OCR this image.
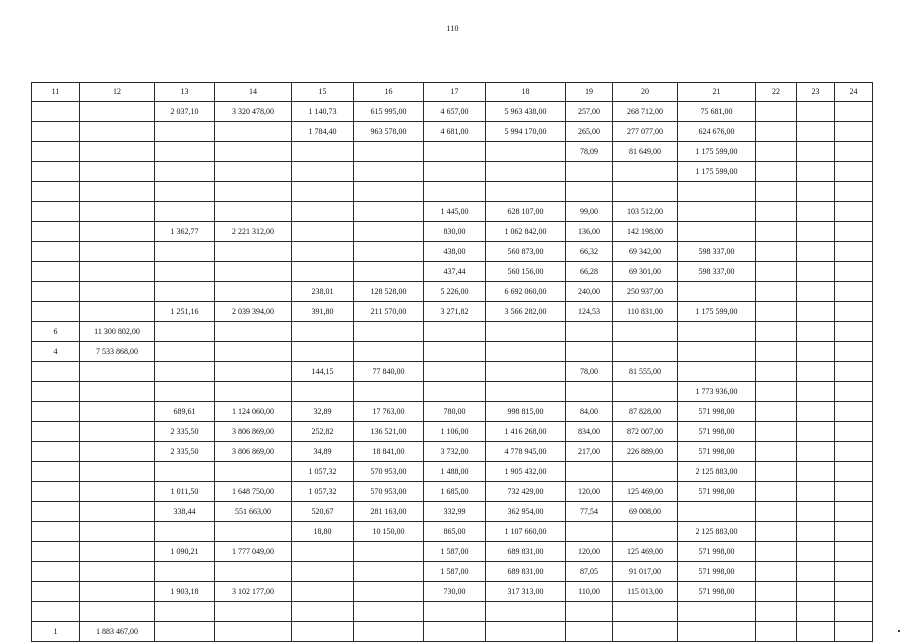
110
11	12	13	14	15	16	17	18	19	20	21	22	23	24
		2 037,10	3 320 478,00	1 140,73	615 995,00	4 657,00	5 963 438,00	257,00	268 712,00	75 681,00			
				1 784,40	963 578,00	4 681,00	5 994 170,00	265,00	277 077,00	624 676,00			
								78,09	81 649,00	1 175 599,00			
										1 175 599,00			

						1 445,00	628 107,00	99,00	103 512,00				
		1 362,77	2 221 312,00			830,00	1 062 842,00	136,00	142 198,00				
						438,00	560 873,00	66,32	69 342,00	598 337,00			
						437,44	560 156,00	66,28	69 301,00	598 337,00			
				238,01	128 528,00	5 226,00	6 692 060,00	240,00	250 937,00				
		1 251,16	2 039 394,00	391,80	211 570,00	3 271,82	3 566 282,00	124,53	110 831,00	1 175 599,00			
6	11 300 802,00												
4	7 533 868,00												
				144,15	77 840,00			78,00	81 555,00				
										1 773 936,00			
		689,61	1 124 060,00	32,89	17 763,00	780,00	998 815,00	84,00	87 828,00	571 998,00			
		2 335,50	3 806 869,00	252,82	136 521,00	1 106,00	1 416 268,00	834,00	872 007,00	571 998,00			
		2 335,50	3 806 869,00	34,89	18 841,00	3 732,00	4 778 945,00	217,00	226 889,00	571 998,00			
				1 057,32	570 953,00	1 488,00	1 905 432,00			2 125 883,00			
		1 011,50	1 648 750,00	1 057,32	570 953,00	1 685,00	732 429,00	120,00	125 469,00	571 998,00			
		338,44	551 663,00	520,67	281 163,00	332,99	362 954,00	77,54	69 008,00				
				18,80	10 150,00	865,00	1 107 660,00			2 125 883,00			
		1 090,21	1 777 049,00			1 587,00	689 831,00	120,00	125 469,00	571 998,00			
						1 587,00	689 831,00	87,05	91 017,00	571 998,00			
		1 903,18	3 102 177,00			730,00	317 313,00	110,00	115 013,00	571 998,00			

1	1 883 467,00												
